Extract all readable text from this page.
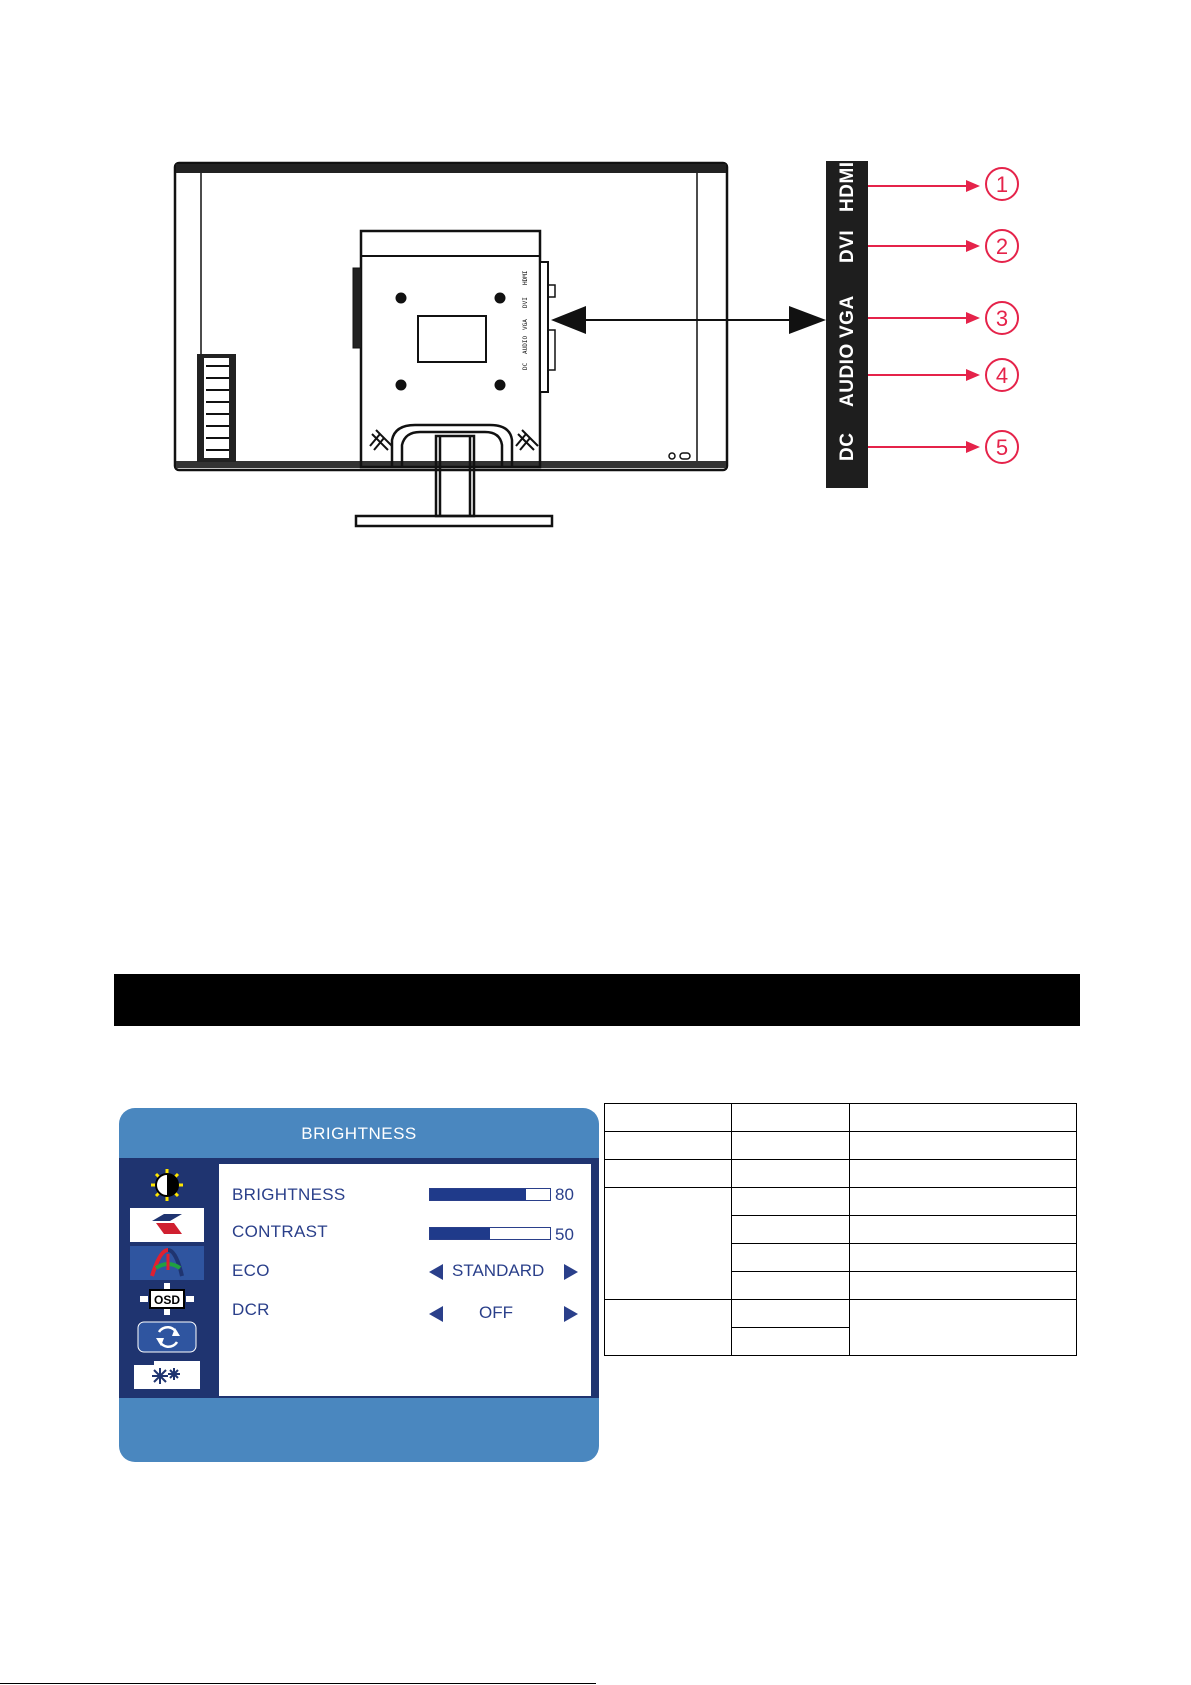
HDMI
DVI
VGA
AUDIO
DC
1
2
3
4
5
HDMI
DVI
VGA
AUDIO
DC
BRIGHTNESS
OSD
BRIGHTNESS	80
CONTRAST	50
ECO	STANDARD
DCR	OFF
